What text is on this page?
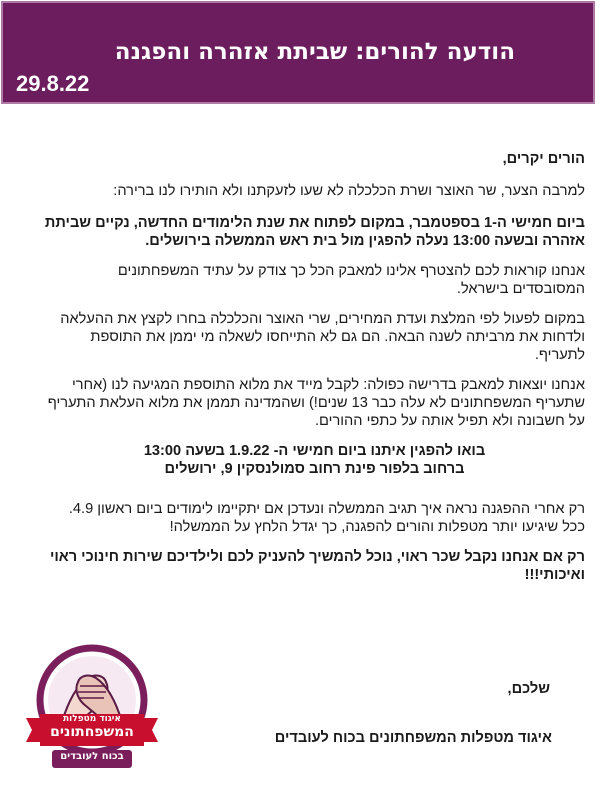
הודעה להורים: שביתת אזהרה והפגנה
29.8.22

הורים יקרים,

למרבה הצער, שר האוצר ושרת הכלכלה לא שעו לזעקתנו ולא הותירו לנו ברירה:

ביום חמישי ה-1 בספטמבר, במקום לפתוח את שנת הלימודים החדשה, נקיים שביתת אזהרה ובשעה 13:00 נעלה להפגין מול בית ראש הממשלה בירושלים.

אנחנו קוראות לכם להצטרף אלינו למאבק הכל כך צודק על עתיד המשפחתונים המסובסדים בישראל.

במקום לפעול לפי המלצת ועדת המחירים, שרי האוצר והכלכלה בחרו לקצץ את ההעלאה ולדחות את מרביתה לשנה הבאה. הם גם לא התייחסו לשאלה מי יממן את התוספת לתעריף.

אנחנו יוצאות למאבק בדרישה כפולה: לקבל מייד את מלוא התוספת המגיעה לנו (אחרי שתעריף המשפחתונים לא עלה כבר 13 שנים!) ושהמדינה תממן את מלוא העלאת התעריף על חשבונה ולא תפיל אותה על כתפי ההורים.

בואו להפגין איתנו ביום חמישי ה- 1.9.22 בשעה 13:00

ברחוב בלפור פינת רחוב סמולנסקין 9, ירושלים

רק אחרי ההפגנה נראה איך תגיב הממשלה ונעדכן אם יתקיימו לימודים ביום ראשון 4.9. ככל שיגיעו יותר מטפלות והורים להפגנה, כך יגדל הלחץ על הממשלה!

רק אם אנחנו נקבל שכר ראוי, נוכל להמשיך להעניק לכם ולילדיכם שירות חינוכי ראוי ואיכותי!!!

איגוד מטפלות
המשפחתונים
בכוח לעובדים
שלכם,
איגוד מטפלות המשפחתונים בכוח לעובדים
